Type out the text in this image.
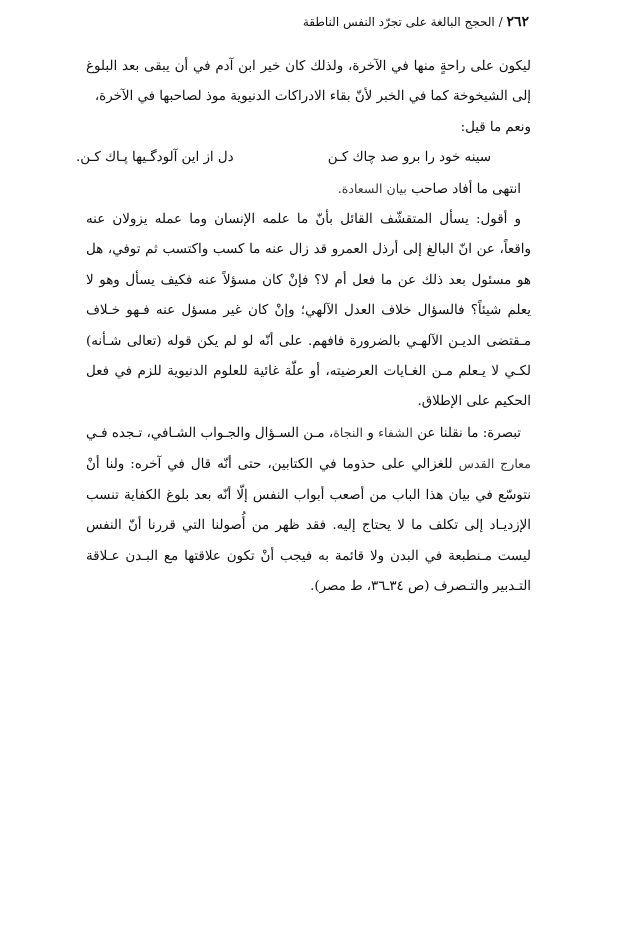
٢٦٢ / الحجج البالغة على تجرّد النفس الناطقة

ليكون على راحةٍ منها في الآخرة، ولذلك كان خير ابن آدم في أن يبقى بعد البلوغ إلى الشيخوخة كما في الخبر لأنّ بقاء الادراكات الدنيوية موذ لصاحبها في الآخرة،

ونعم ما قيل:

سينه خود را برو صد چاك كـن
دل از اين آلودگـيها پـاك كـن.

انتهى ما أفاد صاحب بيان السعادة.

و أقول: يسأل المتقشّف القائل بأنّ ما علمه الإنسان وما عمله يزولان عنه واقعاً، عن انّ البالغ إلى أرذل العمرو قد زال عنه ما كسب واكتسب ثم توفي، هل هو مسئول بعد ذلك عن ما فعل أم لا؟ فإنْ كان مسؤلاً عنه فكيف يسأل وهو لا يعلم شيئاً؟ فالسؤال خلاف العدل الآلهي؛ وإنْ كان غير مسؤل عنه فـهو خـلاف مـقتضى الديـن الآلهـي بالضرورة فافهم. على أنّه لو لم يكن قوله (تعالى شـأنه) لكـي لا يـعلم مـن الغـايات العرضيته، أو علّة غائية للعلوم الدنيوية للزم في فعل الحكيم على الإطلاق.

تبصرة: ما نقلنا عن الشفاء و النجاة، مـن السـؤال والجـواب الشـافي، تـجده فـي معارج القدس للغزالي على حذوما في الكتابين، حتى أنّه قال في آخره: ولنا أنْ نتوسّع في بيان هذا الباب من أصعب أبواب النفس إلّا أنّه بعد بلوغ الكفاية تنسب الإزديـاد إلى تكلف ما لا يحتاج إليه. فقد ظهر من أُصولنا التي قررنا أنّ النفس ليست مـنطبعة في البدن ولا قائمة به فيجب أنْ تكون علاقتها مع البـدن عـلاقة التـدبير والتـصرف (ص ٣٤ـ٣٦، ط مصر).
